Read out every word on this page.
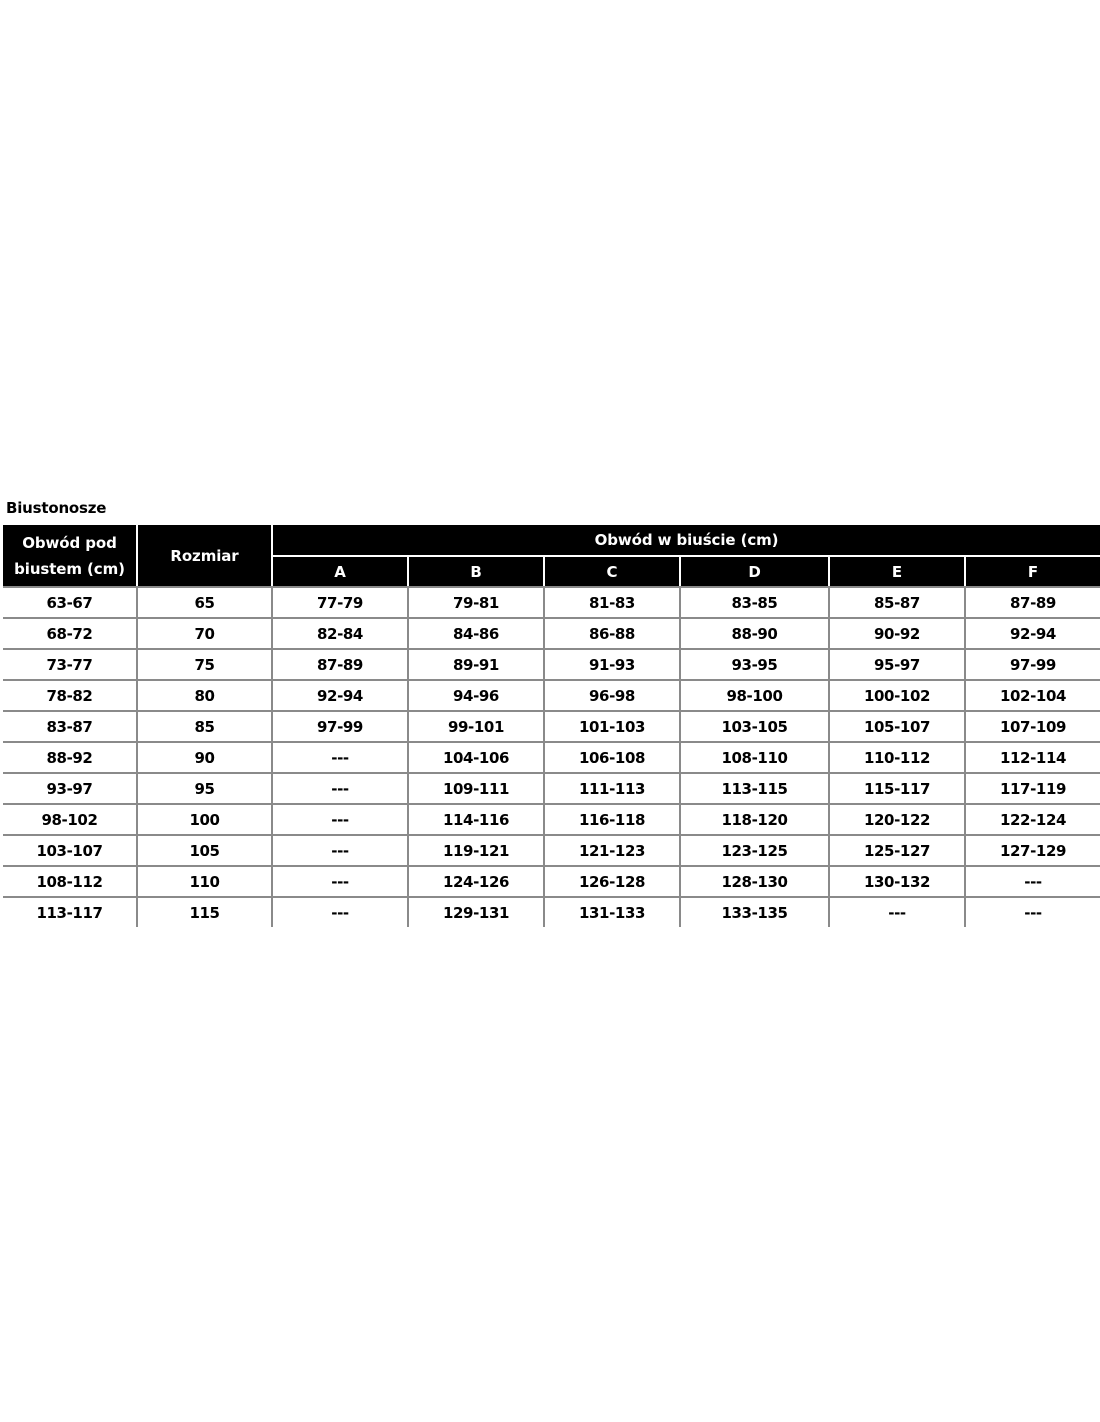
Biustonosze
Obwód pod biustem (cm)	Rozmiar	Obwód w biuście (cm)					
		A	B	C	D	E	F
63-67	65	77-79	79-81	81-83	83-85	85-87	87-89
68-72	70	82-84	84-86	86-88	88-90	90-92	92-94
73-77	75	87-89	89-91	91-93	93-95	95-97	97-99
78-82	80	92-94	94-96	96-98	98-100	100-102	102-104
83-87	85	97-99	99-101	101-103	103-105	105-107	107-109
88-92	90	---	104-106	106-108	108-110	110-112	112-114
93-97	95	---	109-111	111-113	113-115	115-117	117-119
98-102	100	---	114-116	116-118	118-120	120-122	122-124
103-107	105	---	119-121	121-123	123-125	125-127	127-129
108-112	110	---	124-126	126-128	128-130	130-132	---
113-117	115	---	129-131	131-133	133-135	---	---
